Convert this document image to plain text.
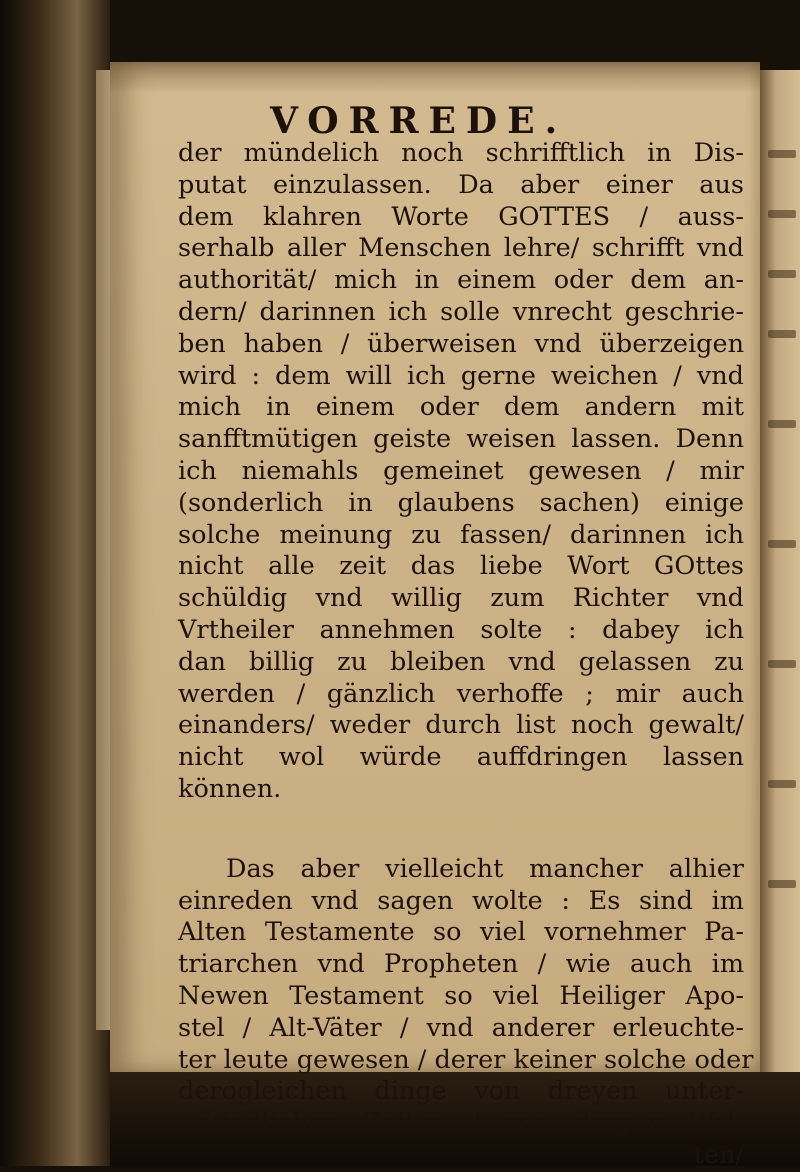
VORREDE.
der mündelich noch schrifftlich in Dis-
putat einzulassen. Da aber einer aus
dem klahren Worte GOTTES / auss-
serhalb aller Menschen lehre/ schrifft vnd
authorität/ mich in einem oder dem an-
dern/ darinnen ich solle vnrecht geschrie-
ben haben / überweisen vnd überzeigen
wird : dem will ich gerne weichen / vnd
mich in einem oder dem andern mit
sanfftmütigen geiste weisen lassen. Denn
ich niemahls gemeinet gewesen / mir
(sonderlich in glaubens sachen) einige
solche meinung zu fassen/ darinnen ich
nicht alle zeit das liebe Wort GOttes
schüldig vnd willig zum Richter vnd
Vrtheiler annehmen solte : dabey ich
dan billig zu bleiben vnd gelassen zu
werden / gänzlich verhoffe ; mir auch
einanders/ weder durch list noch gewalt/
nicht wol würde auffdringen lassen
können.
Das aber vielleicht mancher alhier
einreden vnd sagen wolte : Es sind im
Alten Testamente so viel vornehmer Pa-
triarchen vnd Propheten / wie auch im
Newen Testament so viel Heiliger Apo-
stel / Alt-Väter / vnd anderer erleuchte-
ter leute gewesen / derer keiner solche oder
derogleichen dinge von dreyen unter-
schiedlichen Zeiten / von dreyen Wel-
ten/
